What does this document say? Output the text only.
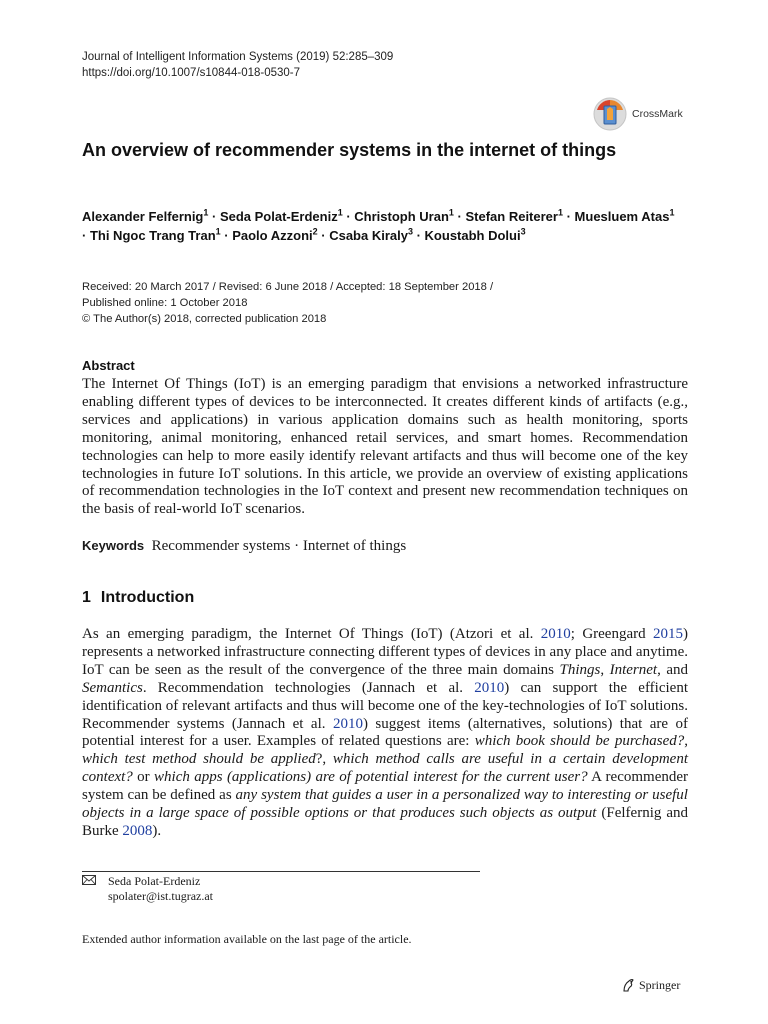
Journal of Intelligent Information Systems (2019) 52:285–309
https://doi.org/10.1007/s10844-018-0530-7
CrossMark
An overview of recommender systems in the internet of things
Alexander Felfernig$^1$ · Seda Polat-Erdeniz$^1$ · Christoph Uran$^1$ · Stefan Reiterer$^1$ · Muesluem Atas$^1$ · Thi Ngoc Trang Tran$^1$ · Paolo Azzoni$^2$ · Csaba Kiraly$^3$ · Koustabh Dolui$^3$
Received: 20 March 2017 / Revised: 6 June 2018 / Accepted: 18 September 2018 /
Published online: 1 October 2018
© The Author(s) 2018, corrected publication 2018
Abstract
The Internet Of Things (IoT) is an emerging paradigm that envisions a networked infrastructure enabling different types of devices to be interconnected. It creates different kinds of artifacts (e.g., services and applications) in various application domains such as health monitoring, sports monitoring, animal monitoring, enhanced retail services, and smart homes. Recommendation technologies can help to more easily identify relevant artifacts and thus will become one of the key technologies in future IoT solutions. In this article, we provide an overview of existing applications of recommendation technologies in the IoT context and present new recommendation techniques on the basis of real-world IoT scenarios.
Keywords Recommender systems · Internet of things
1 Introduction
As an emerging paradigm, the Internet Of Things (IoT) (Atzori et al. 2010; Greengard 2015) represents a networked infrastructure connecting different types of devices in any place and anytime. IoT can be seen as the result of the convergence of the three main domains Things, Internet, and Semantics. Recommendation technologies (Jannach et al. 2010) can support the efficient identification of relevant artifacts and thus will become one of the key-technologies of IoT solutions. Recommender systems (Jannach et al. 2010) suggest items (alternatives, solutions) that are of potential interest for a user. Examples of related questions are: which book should be purchased?, which test method should be applied?, which method calls are useful in a certain development context? or which apps (applications) are of potential interest for the current user? A recommender system can be defined as any system that guides a user in a personalized way to interesting or useful objects in a large space of possible options or that produces such objects as output (Felfernig and Burke 2008).
Seda Polat-Erdeniz
spolater@ist.tugraz.at
Extended author information available on the last page of the article.
Springer
